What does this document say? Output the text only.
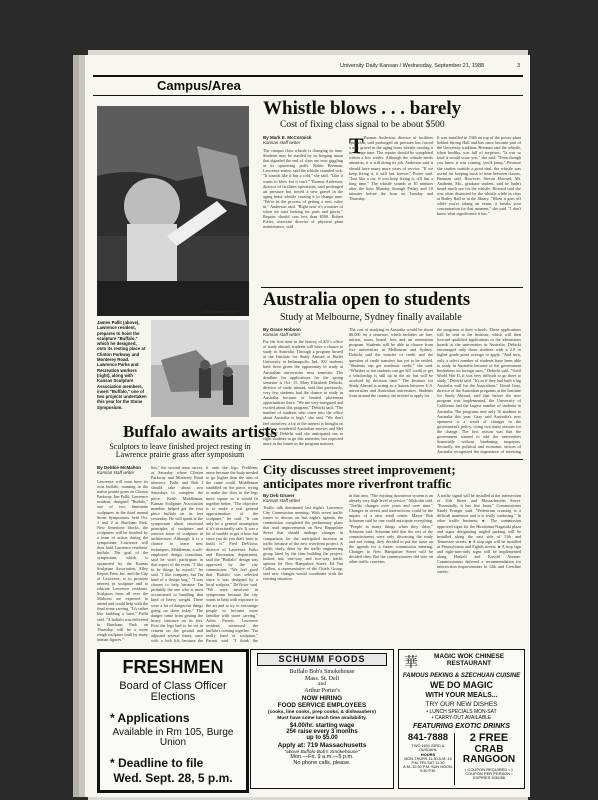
University Daily Kansan / Wednesday, September 21, 1988	3
Campus/Area
Dave Hudson/Kansan
James Pallit (above), Lawrence resident, prepares to hoist the sculpture "Buffalo," which he designed, onto its resting place at Clinton Parkway and Monterey Road. Lawrence Parks and Recreation workers (right), along with Kansas Sculpture Association members, insert "Buffalo," one of two projects undertaken this year for the Stone Symposium.
Buffalo awaits artists
Sculptors to leave finished project resting in Lawrence prairie grass after symposium
By Debbie McMahon
Kansan staff writer
Lawrence will soon have its own buffalo, roaming in the native prairie grass on Clinton Parkway. Jim Pallit, Lawrence resident, designed "Buffalo," one of two limestone sculptures in the third annual Stone Symposium, held Oct. 1 and 2 at Burcham Park. New limestone blocks, the sculptures will be finished by a team of artists during the symposium. Lawrence will then hold Lawrence residents' buffalo. The goal of the symposium, which is sponsored by the Kansas Sculpture Association, Alley Report Print, Inc. and the City of Lawrence, is to promote interest in sculpture and to educate Lawrence residents. Sculptors from all over the Midwest are expected to attend and could help with the final stone carving. "It's rather like building a barn," Pallit said. "A buffalo was delivered to Burcham Park on Thursday, will be a more rough sculpture built by many human figures."
lim," the second team carver, as Saturday where Clinton Parkway and Monterey Road intersect. Pallit and Bob I should take about two Saturdays to complete the piece. Keith Middleman, Kansas Sculpture Association member, helped get the four piece buffalo on its feet yesterday. He will speak at the symposium about structural principles of sculpture and remove some of sculpture in architecture. Although it is a chance to learn new techniques, Middleman, a self-employed design consultant, said he won't participate in that aspect of the event. "I like to be things by myself," he said. "I like company, but I'm kind of a design hog." "I was chosen to help because I'm probably the one who is most accustomed to handling that kind of heavy weight. There were a lot of dangerous things going on there today." The danger came from getting the heavy structure on its feet. First the legs had to be set in cement on the ground and adjusted several times, once with a fork lift, because the
it onto the legs. Problems arose because the body needed to go higher than the arm of the crane could. Middleman straddled on the piece, trying to make the slots in the legs more square so it would fit together better. "The objective is to make a real general approximation of the sculpture," he said. "It can only be a general assumption if it's structurally safe. It was a lot of trouble to get it here but since you do you don't have to build it." Fred DeVictor, director of Lawrence Parks and Recreation department, said the "Buffalo" design was approved by the city commission. "We feel good that 'Buffalo' was selected since it was designed by a local sculptor," DeVictor said. "We were involved in symposium because the city wants to help with exposure to the art and to try to encourage people to become more familiar with stone carving." Arlen Parrott, Lawrence resident, witnessed the buffalo's coming together. "I'm really fond of sculpture," Parrott said. "I think the
Whistle blows . . . barely
Cost of fixing class signal to be about $500
By Mark E. McCormick
Kansan staff writer
The campus class whistle is changing its tune. Students may be startled by its limping moan that signaled the end of class are now giggling at its sputtering puffs. Robin Brennan, Lawrence senior, said the whistle sounded sick. "It sounds like it has a cold," she said. "Like it wants to blow but it can't." Thomas Anderson, director of facilities operations, said prolonged air pressure has forced a new gravel in the aging brass whistle causing it to change tune. "We're in the process of getting a new valve in," Anderson said. "Right now it's a matter of when we start looking for parts and pieces." Repairs should cost less than $500. Robert Porter, associate director of physical plant maintenance, said
T Thomas Anderson, director of facilities operation, said prolonged air pressure has forced a new gravel in the aging brass whistle causing it to change tune. The repairs should be completed within a few weeks. Although the whistle needs attention, it is still doing its job. Anderson said it should have many more years of service. "If we keep fixing it, it will last forever," Porter said. "Just like a car, if you keep fixing it, it'll last a long time." The whistle sounds at 10 minutes after the hour Monday through Friday and 10 minutes before the hour on Tuesday and Thursday.
It was installed in 1946 on top of the power plant behind Strong Hall and has since become part of the University tradition. Brennan said the whistle, when healthy, was full of surprises. "It was so loud it would scare you," she said. "Even though you knew it was coming, you'd jump." Because she studies outside a good deal, the whistle was useful for keeping track of time between classes, Brennan said. However, Steven Howard, Mt. Anaheim, Mo., graduate student, said he hadn't heard much use for the whistle. Howard said she was often distracted by the whistle while in class at Bailey Hall or at the library. "When it goes off while you're taking an exam, it breaks your concentration for that moment," she said. "I don't know what significance it has."
Australia open to students
Study at Melbourne, Sydney finally available
By Grace Hobson
Kansan staff writer
For the first time in the history of KU's office of study abroad, students will have a chance to study in Australia. Through a program hosted at the Institute for Study Abroad at Butler University in Indianapolis, Ind., KU students have been given the opportunity to study at Australian universities next semester. The deadline for applications for the spring semester is Oct. 15. Mary Elizabeth Debicki, director of study abroad, said that previously, very few students had the chance to study in Australia because of limited placement opportunities there. "We are very energized and excited about this program," Debicki said. "The number of students who come into the office about Australia is high," she said. "We don't feel ourselves; a lot of the interest is brought on by those wonderful Australian movies and Mel Gibson." Debicki said she anticipated ten to eight students to go this semester, but expected more in the future as the program matures.
The cost of studying in Australia would be about $6,000 for a semester, which includes air fare, tuition, room, board, fees and an orientation program. Students will be able to choose from five universities in Melbourne and Sydney. Debicki said the transfer of credit and the question of credit transfers has yet to be settled. "Students can get academic credit," she said. "Whether or not students can get KU credit or get a scholarship is still up in the air but will be resolved by decision time." The Institute for Study Abroad is acting as a liaison between U.S. universities and Australian universities. Students from around the country are invited to apply for
the programs at their schools. These applications will be sent to the Institute, which will then forward qualified applications to the admissions boards at the universities in Australia. Debicki encouraged only those students with a 2.0 or higher grade point average to apply. "And now, only a select number of students have been able to study in Australia because of the government limitations on foreign ones," Debicki said. "Until World War II, it was very difficult to go there to study," Debicki said. "It's as if they had built a big Australia wall for the Australians." David Gray, director of the Australian programs at the Institute for Study Abroad, said that before the new program was implemented, the University of California had the largest number of students in Australia. The programs sent only 16 students to Australia this year. Gray said Australia's new openness is a result of changes in the government's policy, citing two main reasons for the change. The first reason was that the government wanted to add the universities financially without burdening taxpayers. Secondly, the political and economic sectors of Australia recognized the importance of investing
City discusses street improvement;
anticipates more riverfront traffic
By Deb Gruver
Kansan staff writer
Traffic talk dominated last night's Lawrence City Commission meeting. With seven traffic issues to discuss on last night's agenda, the commission completed the preliminary plans that road improvements on New Hampshire Street that should undergo changes in comparison for the anticipated increase in traffic because of the new riverfront project. A traffic study, done by the traffic engineering group hired by the firm building the project, looked into one-way and two-way traffic options for New Hampshire Street. Ed Van Collins, a representative of the Chiefs Group, said new changes would coordinate with the existing situation
in that area. "The existing downtown system is an already very high level of service," Malcolm said. "Traffic changes over years and over time." Changes in streets and intersections could be the impact of a new retail center. Mayor Bob Schumm said he one could anticipate everything. "People in many things when they drive," Schumm said. Schumm said that the rest of the commissioners were only discussing the study and not voting; they decided to put the issue on the agenda for a future commission meeting. Changes to New Hampshire Street will be decided then. But the commissioners did vote on other traffic concerns.
A traffic signal will be installed at the intersection of 11th Street and Massachusetts Street. "Essentially, it has five lanes," Commissioner Sandy Praeger said. "Pedestrian crossing is a difficult maneuver and it is really confusing." In other traffic business: ● The commission approved signs for the Hiroshima-Nagasaki plaza and signs designating angled parking will be installed along the east side of 11th and Tennessee streets. ● A stop sign will be installed at Pennsylvania and Eighth streets. ● A stop sign and right-turn-only signs will be implemented along Haskell and Kasold Avenue. Commissioners deferred a recommendation for intersection improvements to 12th and Crestline streets.
FRESHMEN
Board of Class Officer Elections
* Applications
Available in Rm 105, Burge Union
* Deadline to file
Wed. Sept. 28, 5 p.m.
SCHUMM FOODS
Buffalo Bob's Smokehouse
Mass. St. Deli
and
Arthur Porter's
NOW HIRING
FOOD SERVICE EMPLOYEES
(cooks, line cooks, prep cooks, & dishwashers)
Must have some lunch time availability.
$4.00/hr. starting wage
25¢ raise every 3 months
up to $5.00
Apply at: 719 Massachusetts
"above Buffalo Bob's Smokehouse"
Mon.—Fri. 9 a.m.—5 p.m.
No phone calls, please.
華	MAGIC WOK CHINESE RESTAURANT
FAMOUS PEKING & SZECHUAN CUISINE
WE DO MAGIC
WITH YOUR MEALS...
TRY OUR NEW DISHES
• LUNCH SPECIALS MON-SAT
• CARRY-OUT AVAILABLE
FEATURING EXOTIC DRINKS
841-7888
TWO 1601 23RD & OUSDAHL
HOURS
MON-THURS 11:30 A.M.-10 P.M. FRI-SAT 11:30 A.M.-10:30 P.M. SUN NOON-9:30 P.M.
2 FREE
CRAB RANGOON
• COUPON REQUIRED • 1 COUPON PER PERSON • EXPIRES 9/30/88
